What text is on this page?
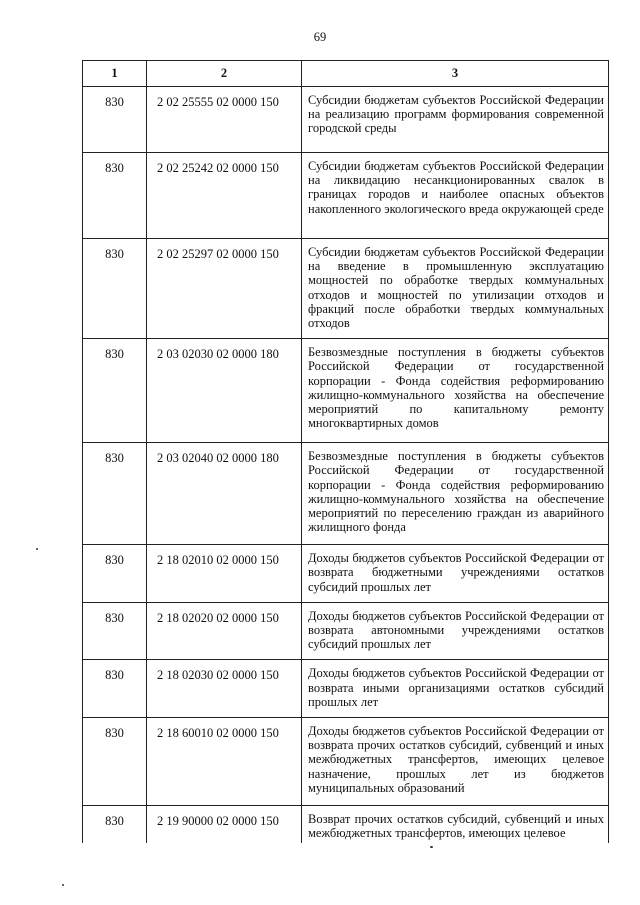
69
1	2	3
830	2 02 25555 02 0000 150	Субсидии бюджетам субъектов Российской Федерации на реализацию программ формирования современной городской среды
830	2 02 25242 02 0000 150	Субсидии бюджетам субъектов Российской Федерации на ликвидацию несанкционированных свалок в границах городов и наиболее опасных объектов накопленного экологического вреда окружающей среде
830	2 02 25297 02 0000 150	Субсидии бюджетам субъектов Российской Федерации на введение в промышленную эксплуатацию мощностей по обработке твердых коммунальных отходов и мощностей по утилизации отходов и фракций после обработки твердых коммунальных отходов
830	2 03 02030 02 0000 180	Безвозмездные поступления в бюджеты субъектов Российской Федерации от государственной корпорации - Фонда содействия реформированию жилищно-коммунального хозяйства на обеспечение мероприятий по капитальному ремонту многоквартирных домов
830	2 03 02040 02 0000 180	Безвозмездные поступления в бюджеты субъектов Российской Федерации от государственной корпорации - Фонда содействия реформированию жилищно-коммунального хозяйства на обеспечение мероприятий по переселению граждан из аварийного жилищного фонда
830	2 18 02010 02 0000 150	Доходы бюджетов субъектов Российской Федерации от возврата бюджетными учреждениями остатков субсидий прошлых лет
830	2 18 02020 02 0000 150	Доходы бюджетов субъектов Российской Федерации от возврата автономными учреждениями остатков субсидий прошлых лет
830	2 18 02030 02 0000 150	Доходы бюджетов субъектов Российской Федерации от возврата иными организациями остатков субсидий прошлых лет
830	2 18 60010 02 0000 150	Доходы бюджетов субъектов Российской Федерации от возврата прочих остатков субсидий, субвенций и иных межбюджетных трансфертов, имеющих целевое назначение, прошлых лет из бюджетов муниципальных образований
830	2 19 90000 02 0000 150	Возврат прочих остатков субсидий, субвенций и иных межбюджетных трансфертов, имеющих целевое
